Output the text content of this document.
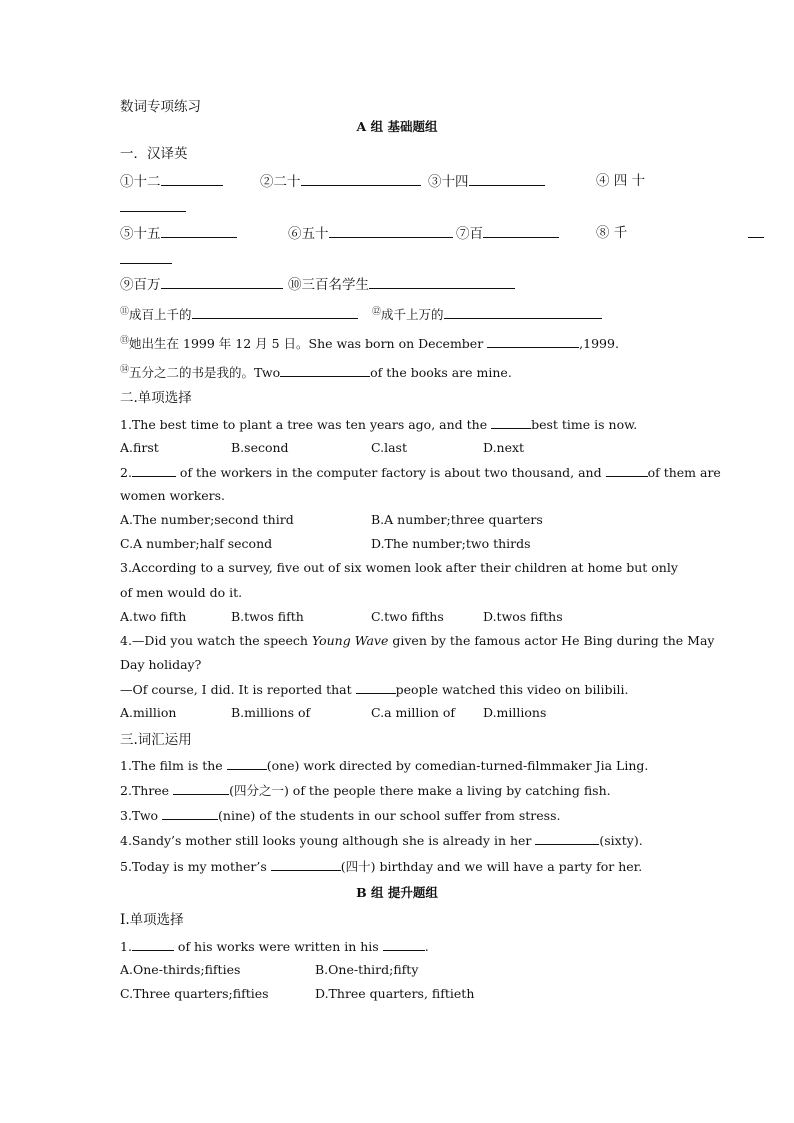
数词专项练习
A 组 基础题组
一．汉译英
①十二	②二十	③十四	④ 四 十
⑤十五	⑥五十	⑦百	⑧ 千
⑨百万	⑩三百名学生
⑪成百上千的	⑫成千上万的
⑬她出生在 1999 年 12 月 5 日。She was born on December	,1999.
⑭五分之二的书是我的。Two	of the books are mine.
二.单项选择
1.The best time to plant a tree was ten years ago, and the	best time is now.
A.first	B.second	C.last	D.next
2.	of the workers in the computer factory is about two thousand, and	of them are
women workers.
A.The number;second third	B.A number;three quarters
C.A number;half second	D.The number;two thirds
3.According to a survey, five out of six women look after their children at home but only
of men would do it.
A.two fifth	B.twos fifth	C.two fifths	D.twos fifths
4.—Did you watch the speech Young Wave given by the famous actor He Bing during the May
Day holiday?
—Of course, I did. It is reported that	people watched this video on bilibili.
A.million	B.millions of	C.a million of D.millions
三.词汇运用
1.The film is the	(one) work directed by comedian-turned-filmmaker Jia Ling.
2.Three	(四分之一) of the people there make a living by catching fish.
3.Two	(nine) of the students in our school suffer from stress.
4.Sandy’s mother still looks young although she is already in her	(sixty).
5.Today is my mother’s	(四十) birthday and we will have a party for her.
B 组 提升题组
Ⅰ.单项选择
1.	of his works were written in his	.
A.One-thirds;fifties	B.One-third;fifty
C.Three quarters;fifties	D.Three quarters, fiftieth
